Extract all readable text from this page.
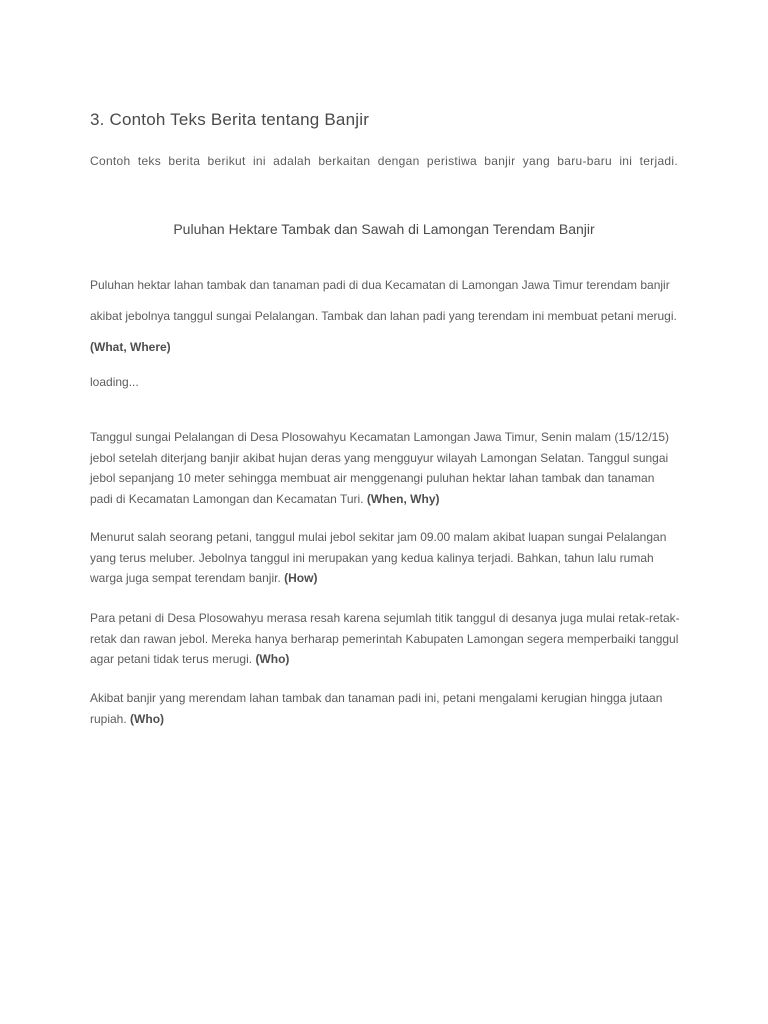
3. Contoh Teks Berita tentang Banjir

Contoh teks berita berikut ini adalah berkaitan dengan peristiwa banjir yang baru-baru ini terjadi.

Puluhan Hektare Tambak dan Sawah di Lamongan Terendam Banjir

Puluhan hektar lahan tambak dan tanaman padi di dua Kecamatan di Lamongan Jawa Timur terendam banjir akibat jebolnya tanggul sungai Pelalangan. Tambak dan lahan padi yang terendam ini membuat petani merugi. (What, Where)

loading...

Tanggul sungai Pelalangan di Desa Plosowahyu Kecamatan Lamongan Jawa Timur, Senin malam (15/12/15) jebol setelah diterjang banjir akibat hujan deras yang mengguyur wilayah Lamongan Selatan. Tanggul sungai jebol sepanjang 10 meter sehingga membuat air menggenangi puluhan hektar lahan tambak dan tanaman padi di Kecamatan Lamongan dan Kecamatan Turi. (When, Why)

Menurut salah seorang petani, tanggul mulai jebol sekitar jam 09.00 malam akibat luapan sungai Pelalangan yang terus meluber. Jebolnya tanggul ini merupakan yang kedua kalinya terjadi. Bahkan, tahun lalu rumah warga juga sempat terendam banjir. (How)

Para petani di Desa Plosowahyu merasa resah karena sejumlah titik tanggul di desanya juga mulai retak-retak-retak dan rawan jebol. Mereka hanya berharap pemerintah Kabupaten Lamongan segera memperbaiki tanggul agar petani tidak terus merugi. (Who)

Akibat banjir yang merendam lahan tambak dan tanaman padi ini, petani mengalami kerugian hingga jutaan rupiah. (Who)
